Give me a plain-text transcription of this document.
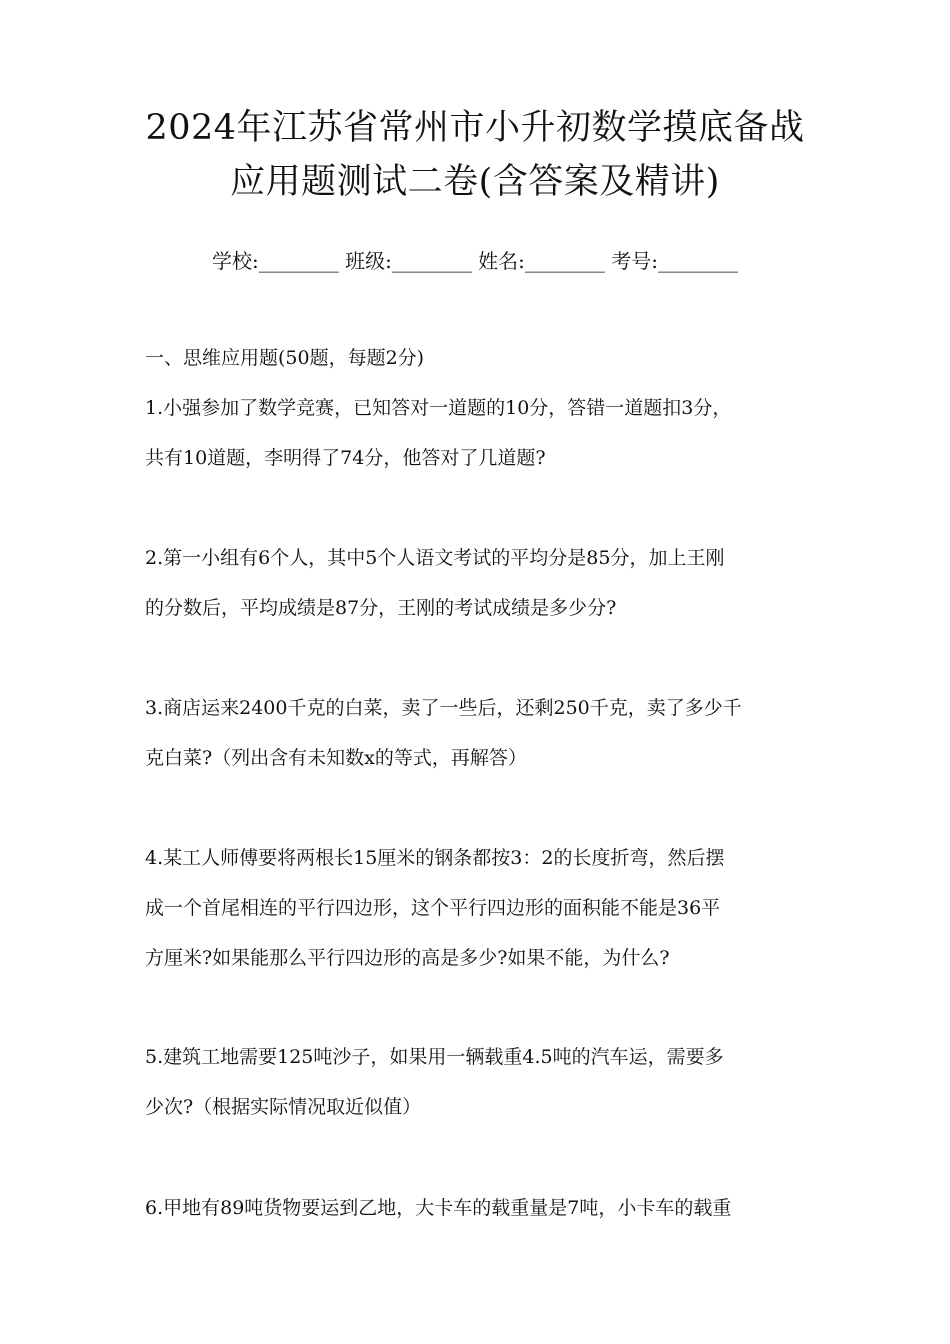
2024年江苏省常州市小升初数学摸底备战
应用题测试二卷(含答案及精讲)
学校:________ 班级:________ 姓名:________ 考号:________
一、思维应用题(50题，每题2分)
1.小强参加了数学竞赛，已知答对一道题的10分，答错一道题扣3分，
共有10道题，李明得了74分，他答对了几道题?
2.第一小组有6个人，其中5个人语文考试的平均分是85分，加上王刚
的分数后，平均成绩是87分，王刚的考试成绩是多少分?
3.商店运来2400千克的白菜，卖了一些后，还剩250千克，卖了多少千
克白菜?（列出含有未知数x的等式，再解答）
4.某工人师傅要将两根长15厘米的钢条都按3：2的长度折弯，然后摆
成一个首尾相连的平行四边形，这个平行四边形的面积能不能是36平
方厘米?如果能那么平行四边形的高是多少?如果不能，为什么?
5.建筑工地需要125吨沙子，如果用一辆载重4.5吨的汽车运，需要多
少次?（根据实际情况取近似值）
6.甲地有89吨货物要运到乙地，大卡车的载重量是7吨，小卡车的载重
